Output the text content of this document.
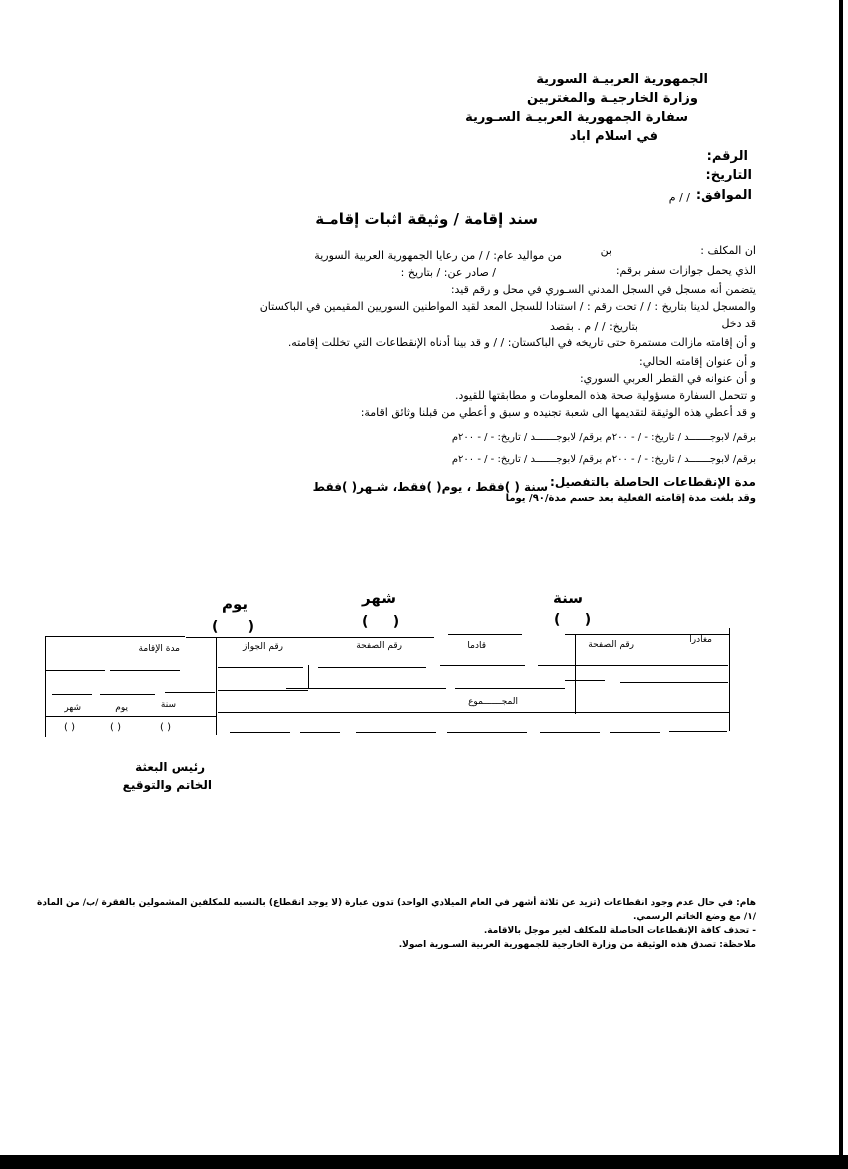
الجمهورية العربيـة السورية
وزارة الخارجيـة والمغتربين
سفارة الجمهورية العربيـة السـورية
في اسلام اباد
الرقم:
التاريخ:
الموافق:
/ / م
سند إقامة / وثيقة اثبات إقامـة
ان المكلف :
بن
من مواليد عام: / / من رعايا الجمهورية العربية السورية
الذي يحمل جوازات سفر برقم:
/ صادر عن: / بتاريخ :
يتضمن أنه مسجل في السجل المدني السـوري في محل و رقم قيد:
والمسجل لدينا بتاريخ : / / تحت رقم : / استنادا للسجل المعد لقيد المواطنين السوريين المقيمين في الباكستان
قد دخل
بتاريخ: / / م . بقصد
و أن إقامته مازالت مستمرة حتى تاريخه في الباكستان: / / و قد بينا أدناه الإنقطاعات التي تخللت إقامته.
و أن عنوان إقامته الحالي:
و أن عنوانه في القطر العربي السوري:
و تتحمل السفارة مسؤولية صحة هذه المعلومات و مطابقتها للقيود.
و قد أعطي هذه الوثيقة لتقديمها الى شعبة تجنيده و سبق و أعطي من قبلنا وثائق اقامة:
برقم/ لابوجـــــــد / تاريخ: - / - ٢٠٠م برقم/ لابوجـــــــد / تاريخ: - / - ٢٠٠م
برقم/ لابوجـــــــد / تاريخ: - / - ٢٠٠م برقم/ لابوجـــــــد / تاريخ: - / - ٢٠٠م
مدة الإنقطاعات الحاصلة بالتفصيل:
سنة ( )فقط ، يوم( )فقط، شـهر( )فقط
وقد بلغت مدة إقامته الفعلية بعد حسم مدة/٩٠/ يوما
سنة
شهر
يوم
(     )
(     )
(      )
مغادرا
رقم الصفحة
قادما
رقم الصفحة
رقم الجواز
مدة الإقامة
المجـــــــموع
سنة
يوم
شهر
( )
( )
( )
رئيس البعثة
الخاتم والتوقيع
هام: في حال عدم وجود انقطاعات (تزيد عن ثلاثة أشهر في العام الميلادي الواحد) تدون عبارة (لا يوجد انقطاع) بالنسبه للمكلفين المشمولين بالفقرة /ب/ من المادة
/١/ مع وضع الخاتم الرسمي.
- تحذف كافة الإنقطاعات الحاصلة للمكلف لغير موجل بالاقامة.
ملاحظة: تصدق هذه الوثيقة من وزارة الخارجية للجمهورية العربية السـورية اصولا.
